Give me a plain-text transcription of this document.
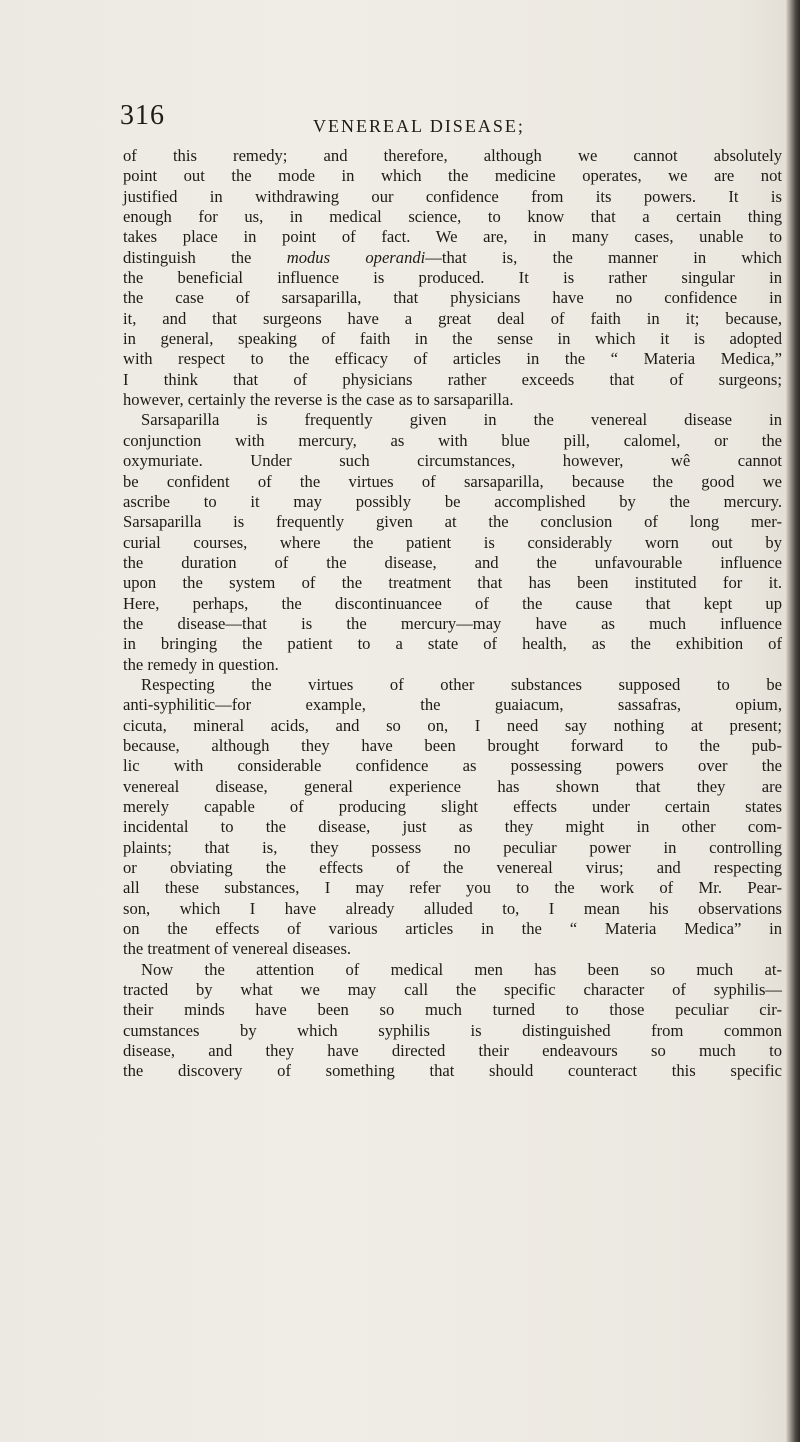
316	VENEREAL DISEASE;
of this remedy; and therefore, although we cannot absolutely
point out the mode in which the medicine operates, we are not
justified in withdrawing our confidence from its powers. It is
enough for us, in medical science, to know that a certain thing
takes place in point of fact. We are, in many cases, unable to
distinguish the modus operandi—that is, the manner in which
the beneficial influence is produced. It is rather singular in
the case of sarsaparilla, that physicians have no confidence in
it, and that surgeons have a great deal of faith in it; because,
in general, speaking of faith in the sense in which it is adopted
with respect to the efficacy of articles in the “ Materia Medica,”
I think that of physicians rather exceeds that of surgeons;
however, certainly the reverse is the case as to sarsaparilla.
Sarsaparilla is frequently given in the venereal disease in
conjunction with mercury, as with blue pill, calomel, or the
oxymuriate. Under such circumstances, however, wê cannot
be confident of the virtues of sarsaparilla, because the good we
ascribe to it may possibly be accomplished by the mercury.
Sarsaparilla is frequently given at the conclusion of long mer-
curial courses, where the patient is considerably worn out by
the duration of the disease, and the unfavourable influence
upon the system of the treatment that has been instituted for it.
Here, perhaps, the discontinuancee of the cause that kept up
the disease—that is the mercury—may have as much influence
in bringing the patient to a state of health, as the exhibition of
the remedy in question.
Respecting the virtues of other substances supposed to be
anti-syphilitic—for example, the guaiacum, sassafras, opium,
cicuta, mineral acids, and so on, I need say nothing at present;
because, although they have been brought forward to the pub-
lic with considerable confidence as possessing powers over the
venereal disease, general experience has shown that they are
merely capable of producing slight effects under certain states
incidental to the disease, just as they might in other com-
plaints; that is, they possess no peculiar power in controlling
or obviating the effects of the venereal virus; and respecting
all these substances, I may refer you to the work of Mr. Pear-
son, which I have already alluded to, I mean his observations
on the effects of various articles in the “ Materia Medica” in
the treatment of venereal diseases.
Now the attention of medical men has been so much at-
tracted by what we may call the specific character of syphilis—
their minds have been so much turned to those peculiar cir-
cumstances by which syphilis is distinguished from common
disease, and they have directed their endeavours so much to
the discovery of something that should counteract this specific
